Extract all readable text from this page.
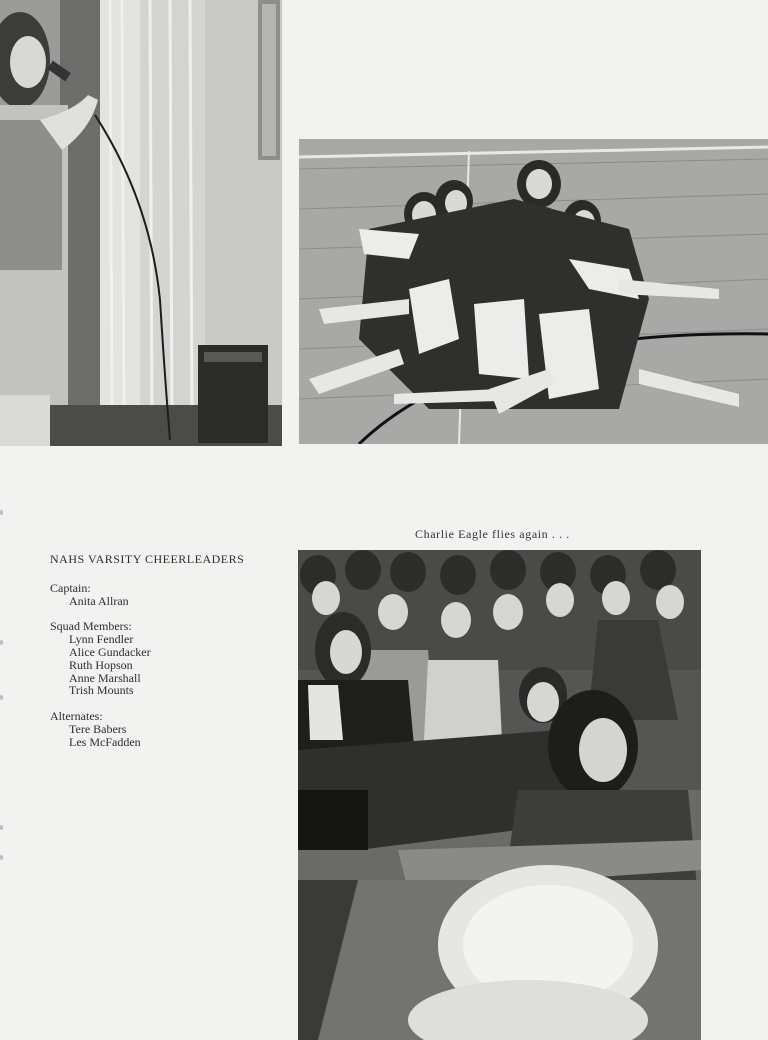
Charlie Eagle flies again . . .
NAHS VARSITY CHEERLEADERS
Captain:
Anita Allran
Squad Members:
Lynn Fendler
Alice Gundacker
Ruth Hopson
Anne Marshall
Trish Mounts
Alternates:
Tere Babers
Les McFadden
